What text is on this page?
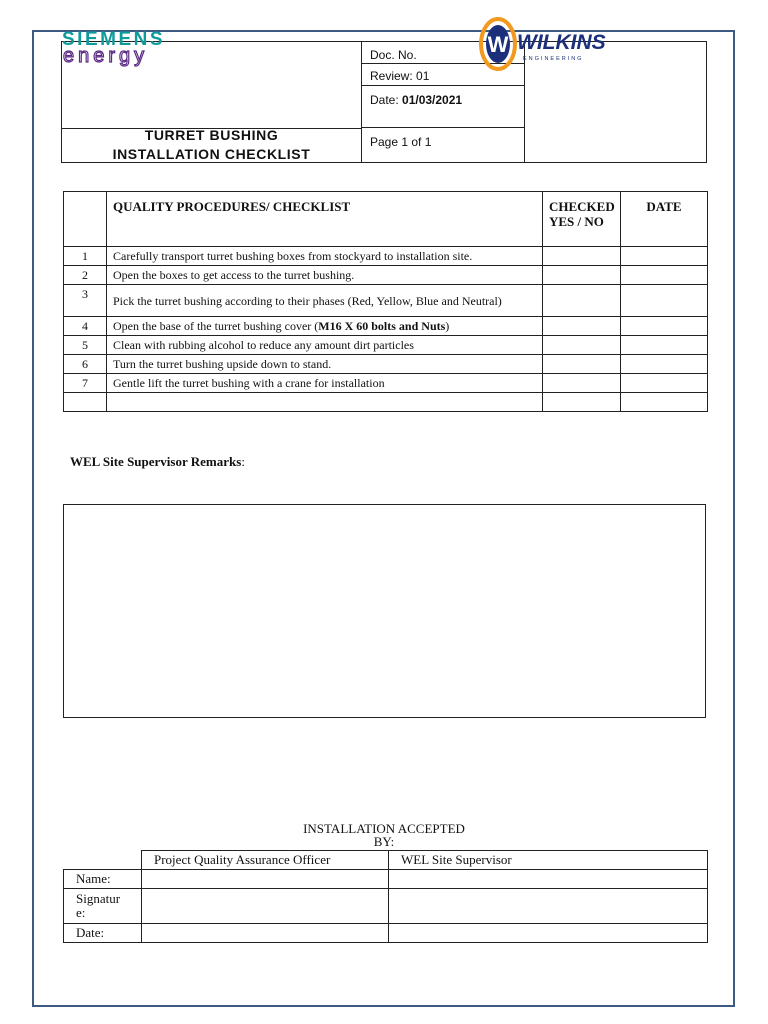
TURRET BUSHING
INSTALLATION CHECKLIST
Doc. No.
Review: 01
Date: 01/03/2021
Page 1 of 1
SIEMENS
energy	W WILKINS
ENGINEERING
	QUALITY PROCEDURES/ CHECKLIST	CHECKED YES / NO	DATE
1	Carefully transport turret bushing boxes from stockyard to installation site.		
2	Open the boxes to get access to the turret bushing.		
3	Pick the turret bushing according to their phases (Red, Yellow, Blue and Neutral)		
4	Open the base of the turret bushing cover (M16 X 60 bolts and Nuts)		
5	Clean with rubbing alcohol to reduce any amount dirt particles		
6	Turn the turret bushing upside down to stand.		
7	Gentle lift the turret bushing with a crane for installation		

WEL Site Supervisor Remarks:
INSTALLATION ACCEPTED
BY:
	Project Quality Assurance Officer	WEL Site Supervisor
Name:		
Signatur e:		
Date:		
